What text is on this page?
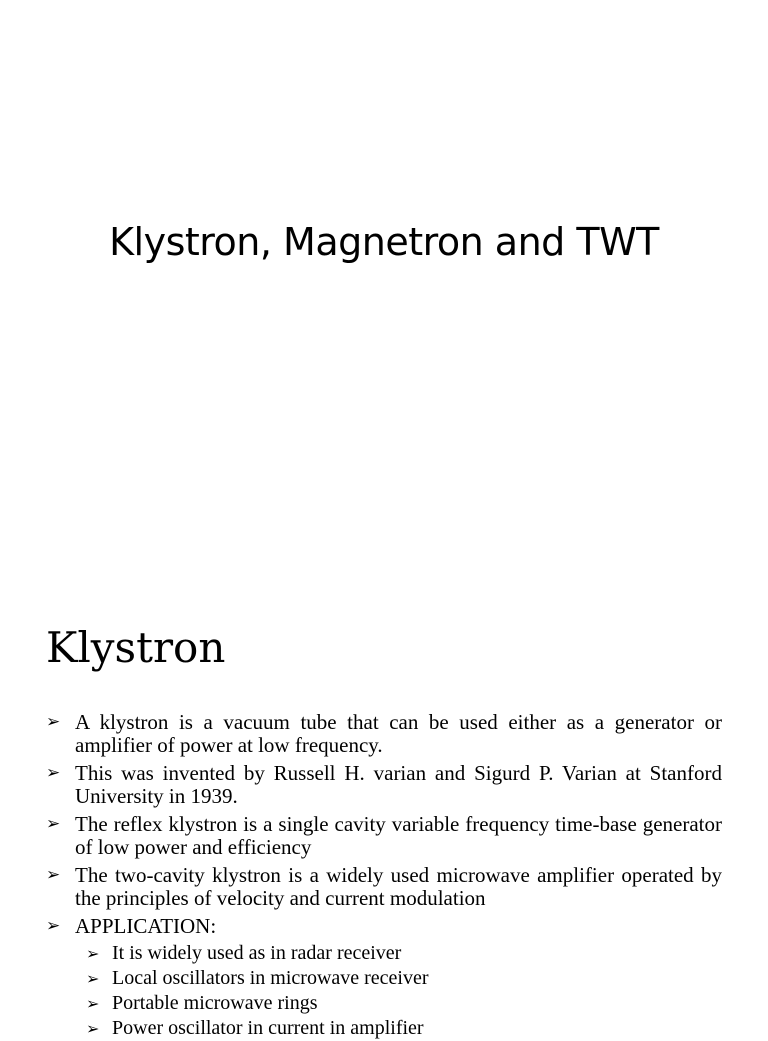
Klystron, Magnetron and TWT
Klystron
➢ A klystron is a vacuum tube that can be used either as a generator or amplifier of power at low frequency.
➢ This was invented by Russell H. varian and Sigurd P. Varian at Stanford University in 1939.
➢ The reflex klystron is a single cavity variable frequency time-base generator of low power and efficiency
➢ The two-cavity klystron is a widely used microwave amplifier operated by the principles of velocity and current modulation
➢ APPLICATION:
➢ It is widely used as in radar receiver
➢ Local oscillators in microwave receiver
➢ Portable microwave rings
➢ Power oscillator in current in amplifier
